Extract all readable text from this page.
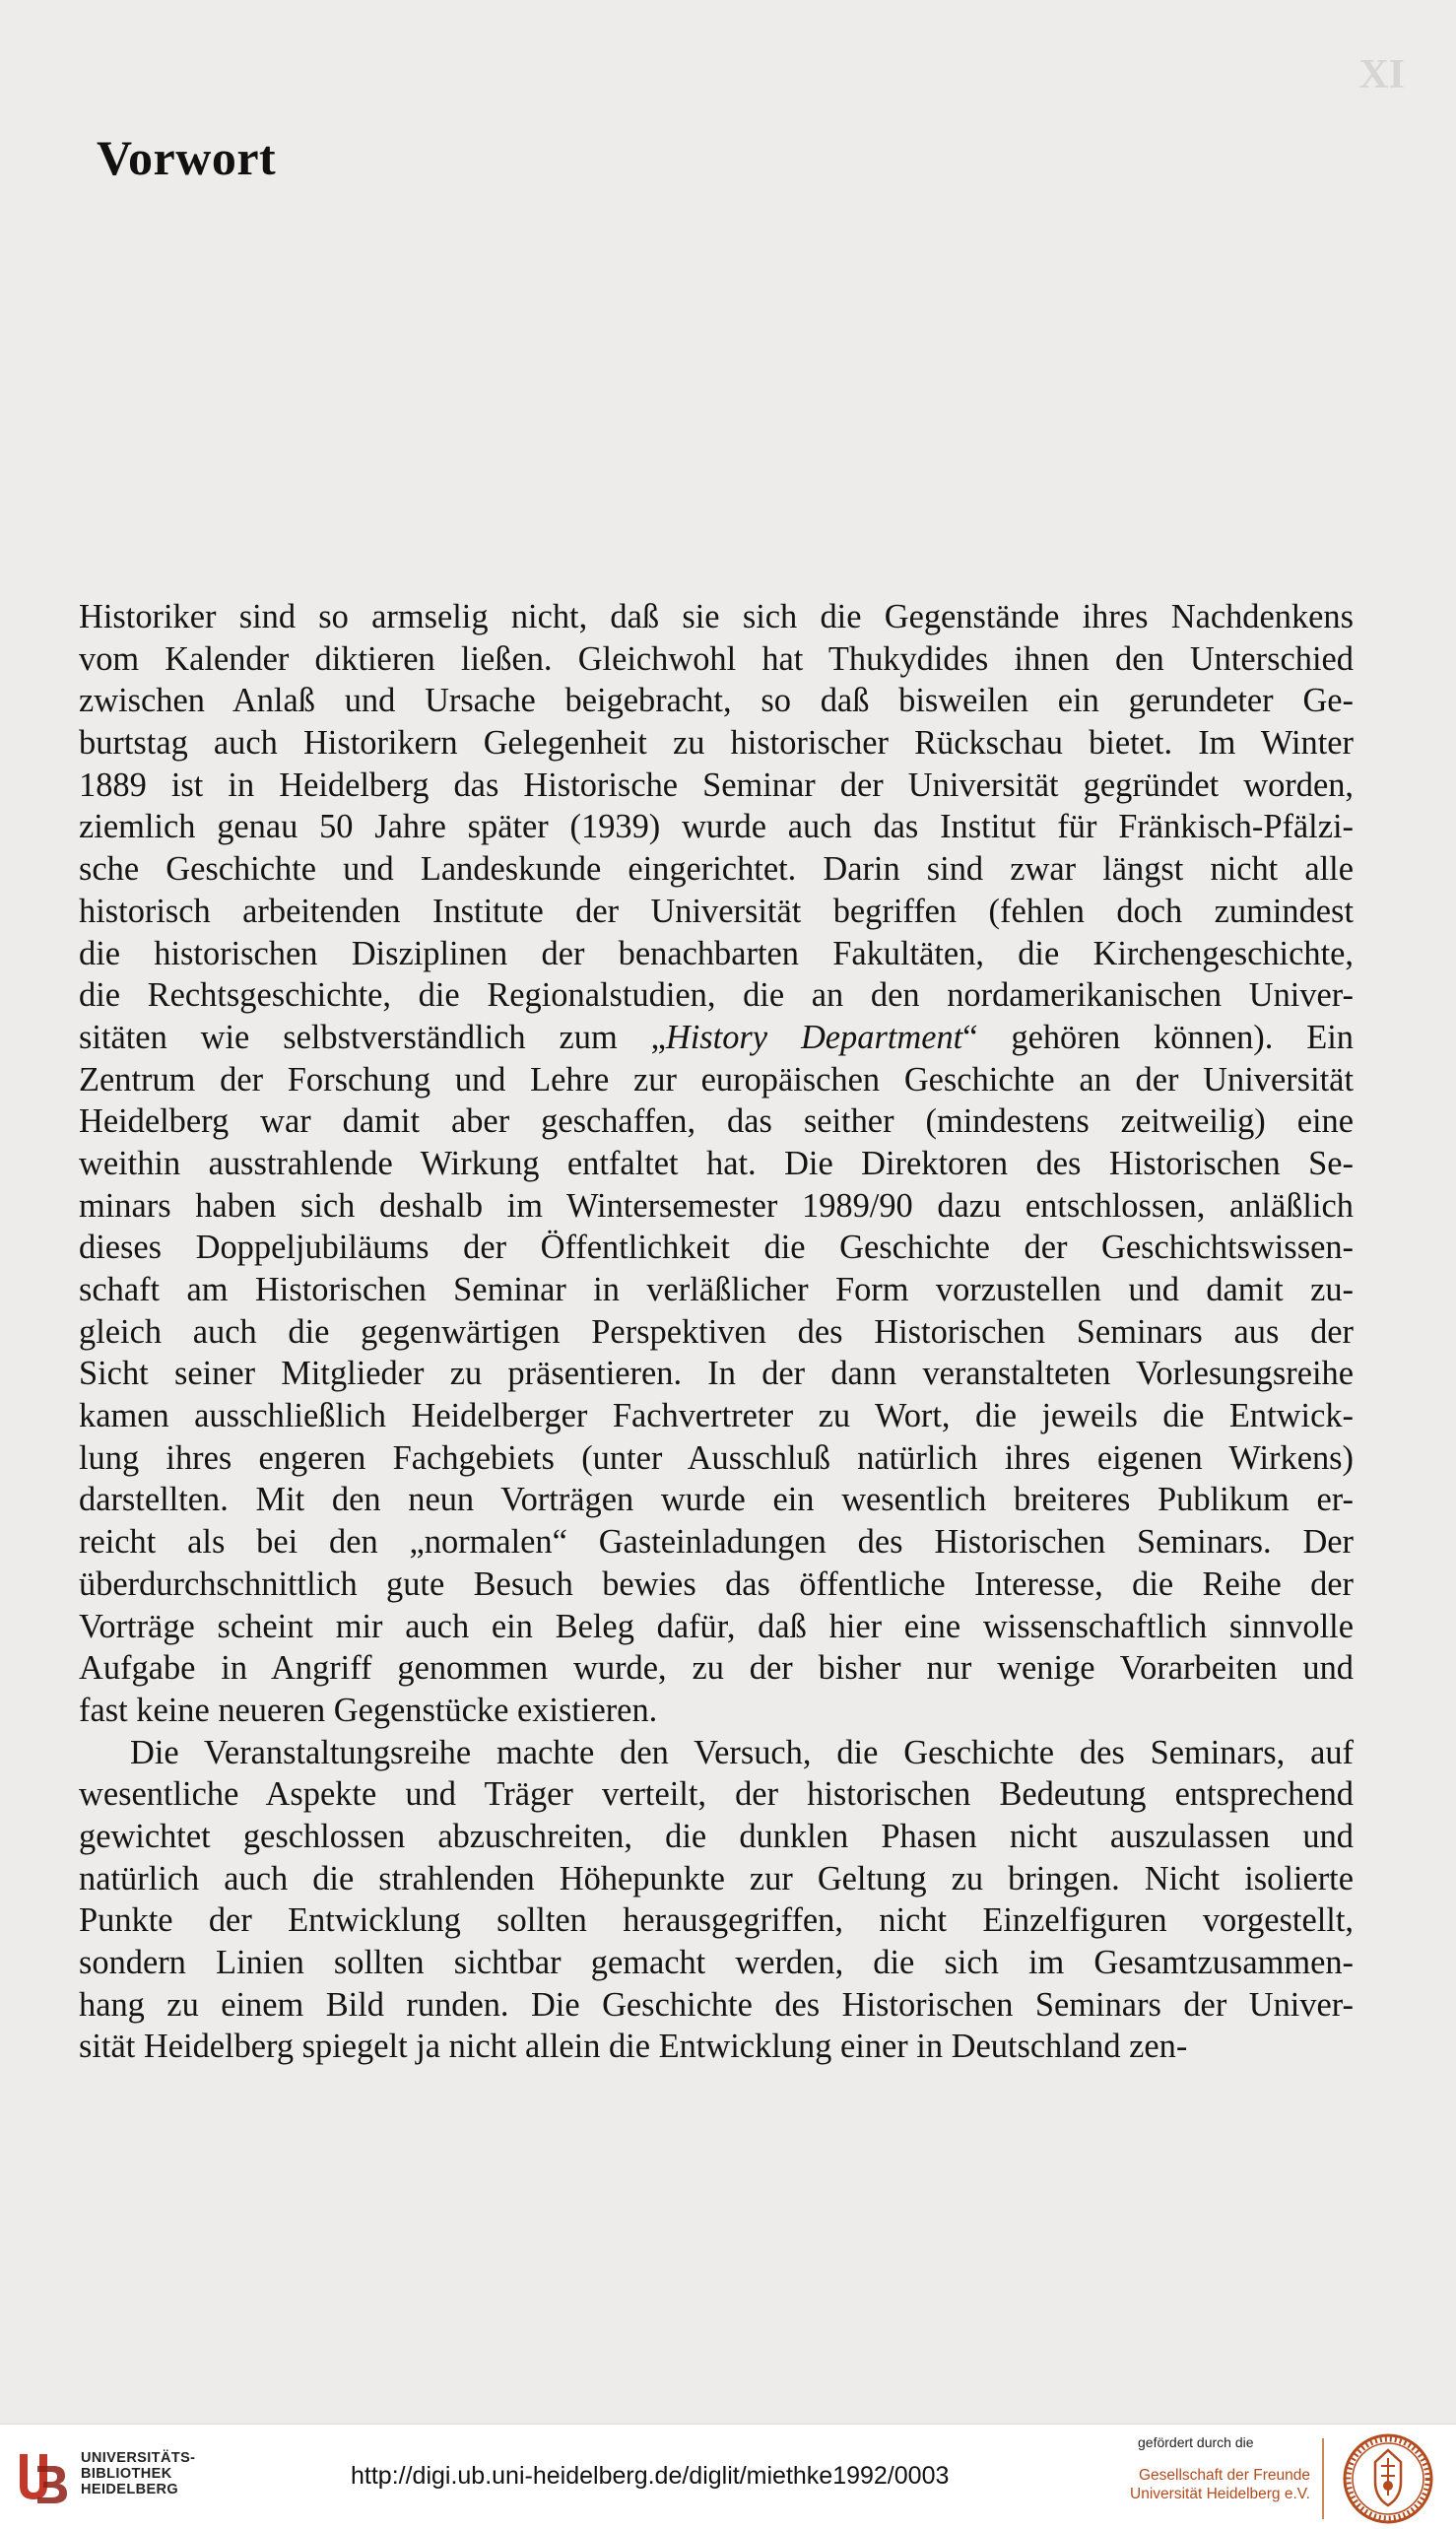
XI
Vorwort
Historiker sind so armselig nicht, daß sie sich die Gegenstände ihres Nachdenkens
vom Kalender diktieren ließen. Gleichwohl hat Thukydides ihnen den Unterschied
zwischen Anlaß und Ursache beigebracht, so daß bisweilen ein gerundeter Ge-
burtstag auch Historikern Gelegenheit zu historischer Rückschau bietet. Im Winter
1889 ist in Heidelberg das Historische Seminar der Universität gegründet worden,
ziemlich genau 50 Jahre später (1939) wurde auch das Institut für Fränkisch-Pfälzi-
sche Geschichte und Landeskunde eingerichtet. Darin sind zwar längst nicht alle
historisch arbeitenden Institute der Universität begriffen (fehlen doch zumindest
die historischen Disziplinen der benachbarten Fakultäten, die Kirchengeschichte,
die Rechtsgeschichte, die Regionalstudien, die an den nordamerikanischen Univer-
sitäten wie selbstverständlich zum „History Department“ gehören können). Ein
Zentrum der Forschung und Lehre zur europäischen Geschichte an der Universität
Heidelberg war damit aber geschaffen, das seither (mindestens zeitweilig) eine
weithin ausstrahlende Wirkung entfaltet hat. Die Direktoren des Historischen Se-
minars haben sich deshalb im Wintersemester 1989/90 dazu entschlossen, anläßlich
dieses Doppeljubiläums der Öffentlichkeit die Geschichte der Geschichtswissen-
schaft am Historischen Seminar in verläßlicher Form vorzustellen und damit zu-
gleich auch die gegenwärtigen Perspektiven des Historischen Seminars aus der
Sicht seiner Mitglieder zu präsentieren. In der dann veranstalteten Vorlesungsreihe
kamen ausschließlich Heidelberger Fachvertreter zu Wort, die jeweils die Entwick-
lung ihres engeren Fachgebiets (unter Ausschluß natürlich ihres eigenen Wirkens)
darstellten. Mit den neun Vorträgen wurde ein wesentlich breiteres Publikum er-
reicht als bei den „normalen“ Gasteinladungen des Historischen Seminars. Der
überdurchschnittlich gute Besuch bewies das öffentliche Interesse, die Reihe der
Vorträge scheint mir auch ein Beleg dafür, daß hier eine wissenschaftlich sinnvolle
Aufgabe in Angriff genommen wurde, zu der bisher nur wenige Vorarbeiten und
fast keine neueren Gegenstücke existieren.
Die Veranstaltungsreihe machte den Versuch, die Geschichte des Seminars, auf
wesentliche Aspekte und Träger verteilt, der historischen Bedeutung entsprechend
gewichtet geschlossen abzuschreiten, die dunklen Phasen nicht auszulassen und
natürlich auch die strahlenden Höhepunkte zur Geltung zu bringen. Nicht isolierte
Punkte der Entwicklung sollten herausgegriffen, nicht Einzelfiguren vorgestellt,
sondern Linien sollten sichtbar gemacht werden, die sich im Gesamtzusammen-
hang zu einem Bild runden. Die Geschichte des Historischen Seminars der Univer-
sität Heidelberg spiegelt ja nicht allein die Entwicklung einer in Deutschland zen-
UNIVERSITÄTS-
BIBLIOTHEK
HEIDELBERG	http://digi.ub.uni-heidelberg.de/diglit/miethke1992/0003
gefördert durch die
Gesellschaft der Freunde
Universität Heidelberg e.V.
